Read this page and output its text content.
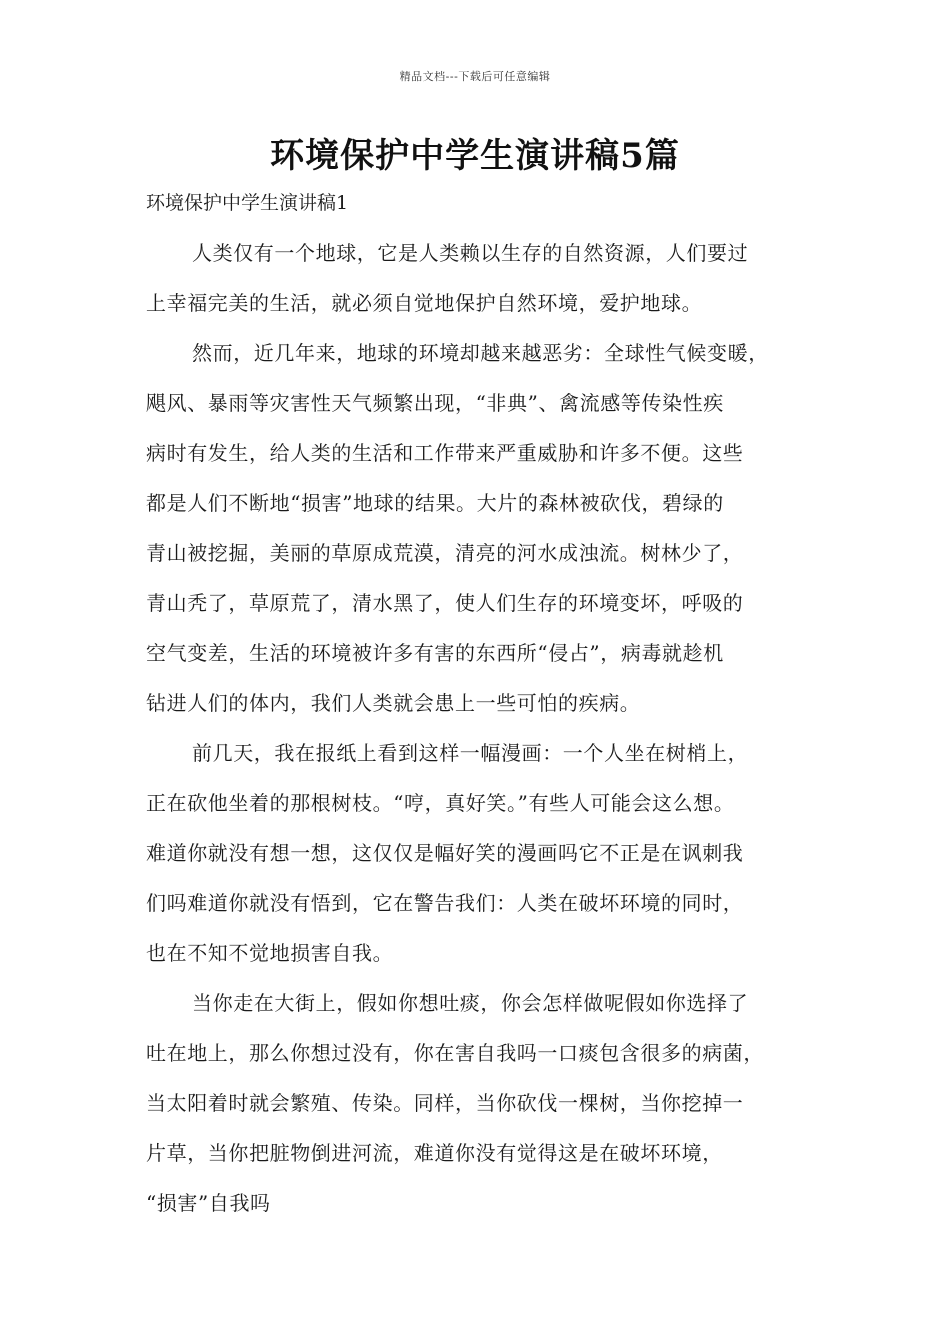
精品文档---下载后可任意编辑
环境保护中学生演讲稿5篇
环境保护中学生演讲稿1

人类仅有一个地球，它是人类赖以生存的自然资源，人们要过
上幸福完美的生活，就必须自觉地保护自然环境，爱护地球。

然而，近几年来，地球的环境却越来越恶劣：全球性气候变暖，
飓风、暴雨等灾害性天气频繁出现，“非典”、禽流感等传染性疾
病时有发生，给人类的生活和工作带来严重威胁和许多不便。这些
都是人们不断地“损害”地球的结果。大片的森林被砍伐，碧绿的
青山被挖掘，美丽的草原成荒漠，清亮的河水成浊流。树林少了，
青山秃了，草原荒了，清水黑了，使人们生存的环境变坏，呼吸的
空气变差，生活的环境被许多有害的东西所“侵占”，病毒就趁机
钻进人们的体内，我们人类就会患上一些可怕的疾病。

前几天，我在报纸上看到这样一幅漫画：一个人坐在树梢上，
正在砍他坐着的那根树枝。“哼，真好笑。”有些人可能会这么想。
难道你就没有想一想，这仅仅是幅好笑的漫画吗它不正是在讽刺我
们吗难道你就没有悟到，它在警告我们：人类在破坏环境的同时，
也在不知不觉地损害自我。

当你走在大街上，假如你想吐痰，你会怎样做呢假如你选择了
吐在地上，那么你想过没有，你在害自我吗一口痰包含很多的病菌，
当太阳着时就会繁殖、传染。同样，当你砍伐一棵树，当你挖掉一
片草，当你把脏物倒进河流，难道你没有觉得这是在破坏环境，
“损害”自我吗
